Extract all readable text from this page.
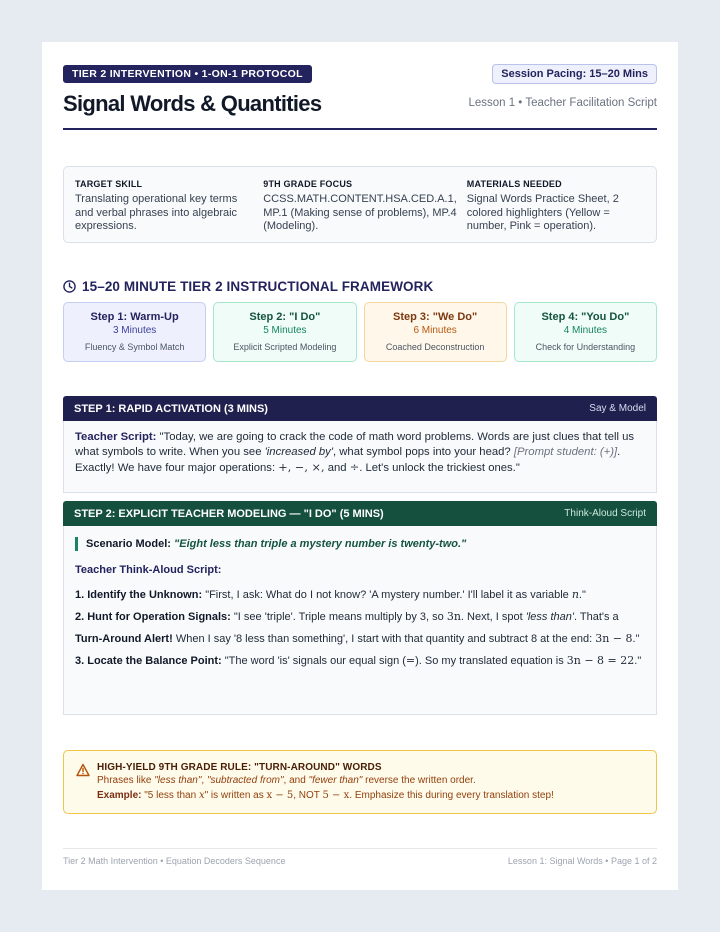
TIER 2 INTERVENTION • 1-ON-1 PROTOCOL
Signal Words & Quantities
Session Pacing: 15–20 Mins
Lesson 1 • Teacher Facilitation Script
TARGET SKILL

Translating operational key terms and verbal phrases into algebraic expressions.

9TH GRADE FOCUS

CCSS.MATH.CONTENT.HSA.CED.A.1, MP.1 (Making sense of problems), MP.4 (Modeling).

MATERIALS NEEDED

Signal Words Practice Sheet, 2 colored highlighters (Yellow = number, Pink = operation).

15–20 MINUTE TIER 2 INSTRUCTIONAL FRAMEWORK
Step 1: Warm-Up
3 Minutes
Fluency & Symbol Match
Step 2: "I Do"
5 Minutes
Explicit Scripted Modeling
Step 3: "We Do"
6 Minutes
Coached Deconstruction
Step 4: "You Do"
4 Minutes
Check for Understanding
STEP 1: RAPID ACTIVATION (3 MINS)	Say & Model
Teacher Script: "Today, we are going to crack the code of math word problems. Words are just clues that tell us what symbols to write. When you see 'increased by', what symbol pops into your head? [Prompt student: (+)]. Exactly! We have four major operations: +, −, ×, and ÷. Let's unlock the trickiest ones."
STEP 2: EXPLICIT TEACHER MODELING — "I DO" (5 MINS)	Think-Aloud Script
Scenario Model: "Eight less than triple a mystery number is twenty-two."
Teacher Think-Aloud Script:
1. Identify the Unknown: "First, I ask: What do I not know? 'A mystery number.' I'll label it as variable n."
2. Hunt for Operation Signals: "I see 'triple'. Triple means multiply by 3, so 3n. Next, I spot 'less than'. That's a Turn-Around Alert! When I say '8 less than something', I start with that quantity and subtract 8 at the end: 3n − 8."
3. Locate the Balance Point: "The word 'is' signals our equal sign (=). So my translated equation is 3n − 8 = 22."
HIGH-YIELD 9TH GRADE RULE: "TURN-AROUND" WORDS
Phrases like "less than", "subtracted from", and "fewer than" reverse the written order.
Example: "5 less than x" is written as x − 5, NOT 5 − x. Emphasize this during every translation step!
Tier 2 Math Intervention • Equation Decoders Sequence	Lesson 1: Signal Words • Page 1 of 2
